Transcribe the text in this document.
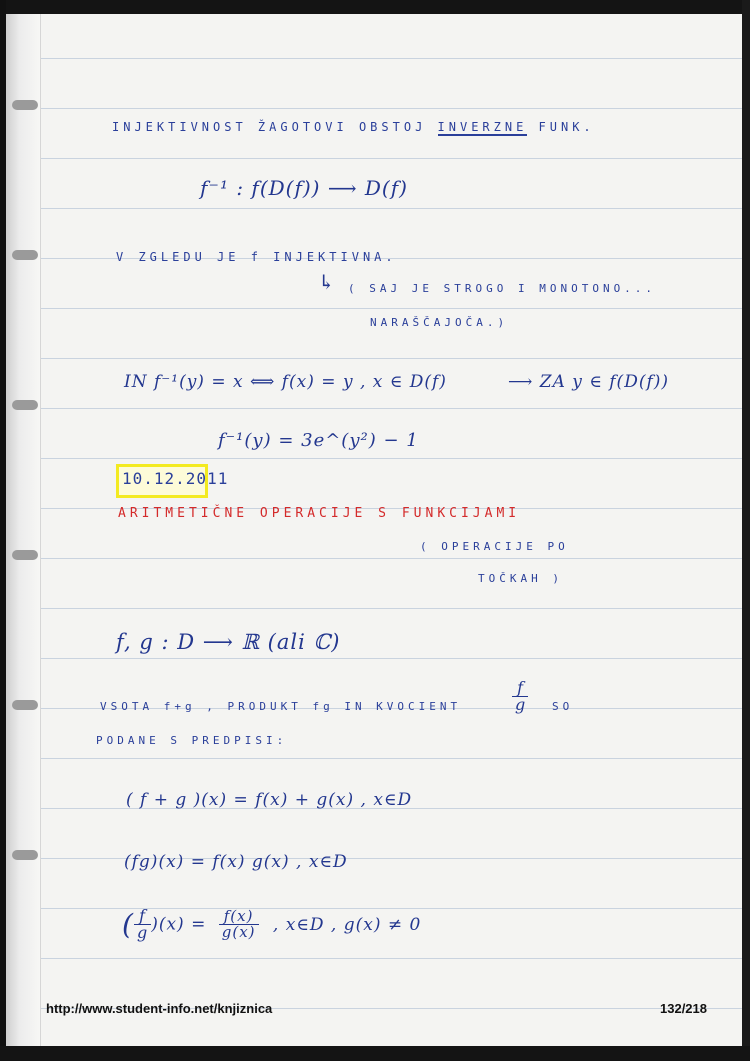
INJEKTIVNOST ŽAGOTOVI OBSTOJ INVERZNE FUNK.
f⁻¹ : f(D(f)) ⟶ D(f)
V ZGLEDU JE f INJEKTIVNA.
↳ ( SAJ JE STROGO I MONOTONO...
NARAŠČAJOČA.)
IN f⁻¹(y) = x ⟺ f(x) = y , x ∈ D(f)	⟶ ZA y ∈ f(D(f))
f⁻¹(y) = 3e^(y²) − 1
10.12.2011
ARITMETIČNE OPERACIJE S FUNKCIJAMI
( OPERACIJE PO
TOČKAH )
f, g : D ⟶ ℝ (ali ℂ)
VSOTA f+g , PRODUKT fg IN KVOCIENT	$\frac{f}{g}$ SO
PODANE S PREDPISI:
( f + g )(x) = f(x) + g(x) , x∈D
(fg)(x) = f(x) g(x) , x∈D
( $\frac{f}{g} )(x) = \frac{f(x)}{g(x)}$ , x∈D , g(x) ≠ 0
http://www.student-info.net/knjiznica	132/218
